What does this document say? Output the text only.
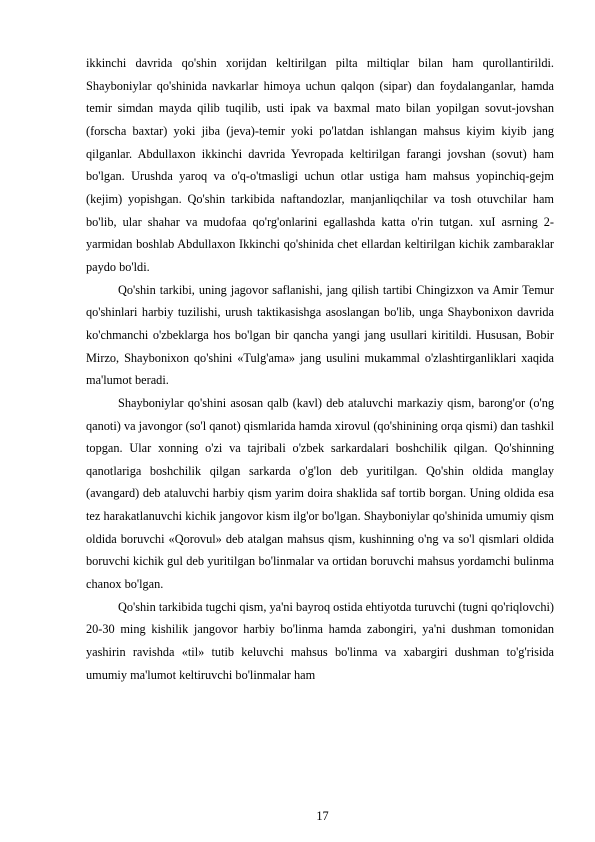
ikkinchi davrida qo'shin xorijdan keltirilgan pilta miltiqlar bilan ham qurollantirildi. Shayboniylar qo'shinida navkarlar himoya uchun qalqon (sipar) dan foydalanganlar, hamda temir simdan mayda qilib tuqilib, usti ipak va baxmal mato bilan yopilgan sovut-jovshan (forscha baxtar) yoki jiba (jeva)-temir yoki po'latdan ishlangan mahsus kiyim kiyib jang qilganlar. Abdullaxon ikkinchi davrida Yevropada keltirilgan farangi jovshan (sovut) ham bo'lgan. Urushda yaroq va o'q-o'tmasligi uchun otlar ustiga ham mahsus yopinchiq-gejm (kejim) yopishgan. Qo'shin tarkibida naftandozlar, manjanliqchilar va tosh otuvchilar ham bo'lib, ular shahar va mudofaa qo'rg'onlarini egallashda katta o'rin tutgan. xuI asrning 2-yarmidan boshlab Abdullaxon Ikkinchi qo'shinida chet ellardan keltirilgan kichik zambaraklar paydo bo'ldi.

Qo'shin tarkibi, uning jagovor saflanishi, jang qilish tartibi Chingizxon va Amir Temur qo'shinlari harbiy tuzilishi, urush taktikasishga asoslangan bo'lib, unga Shaybonixon davrida ko'chmanchi o'zbeklarga hos bo'lgan bir qancha yangi jang usullari kiritildi. Hususan, Bobir Mirzo, Shaybonixon qo'shini «Tulg'ama» jang usulini mukammal o'zlashtirganliklari xaqida ma'lumot beradi.

Shayboniylar qo'shini asosan qalb (kavl) deb ataluvchi markaziy qism, barong'or (o'ng qanoti) va javongor (so'l qanot) qismlarida hamda xirovul (qo'shinining orqa qismi) dan tashkil topgan. Ular xonning o'zi va tajribali o'zbek sarkardalari boshchilik qilgan. Qo'shinning qanotlariga boshchilik qilgan sarkarda o'g'lon deb yuritilgan. Qo'shin oldida manglay (avangard) deb ataluvchi harbiy qism yarim doira shaklida saf tortib borgan. Uning oldida esa tez harakatlanuvchi kichik jangovor kism ilg'or bo'lgan. Shayboniylar qo'shinida umumiy qism oldida boruvchi «Qorovul» deb atalgan mahsus qism, kushinning o'ng va so'l qismlari oldida boruvchi kichik gul deb yuritilgan bo'linmalar va ortidan boruvchi mahsus yordamchi bulinma chanox bo'lgan.

Qo'shin tarkibida tugchi qism, ya'ni bayroq ostida ehtiyotda turuvchi (tugni qo'riqlovchi) 20-30 ming kishilik jangovor harbiy bo'linma hamda zabongiri, ya'ni dushman tomonidan yashirin ravishda «til» tutib keluvchi mahsus bo'linma va xabargiri dushman to'g'risida umumiy ma'lumot keltiruvchi bo'linmalar ham

17
